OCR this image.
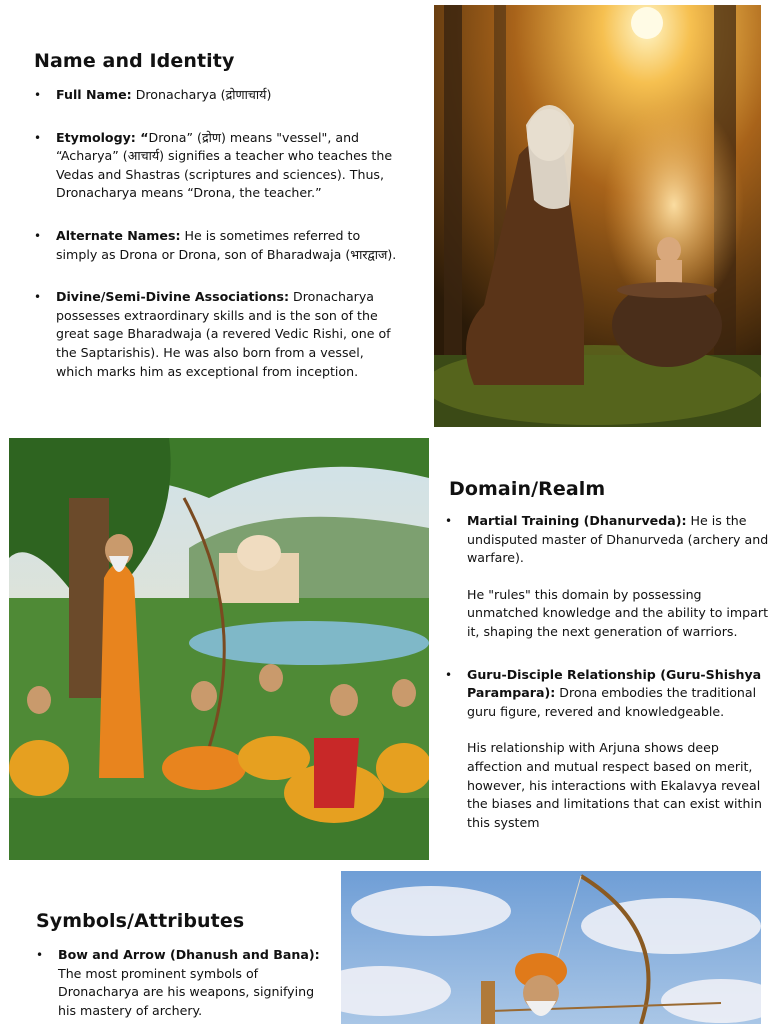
Name and Identity
• Full Name: Dronacharya (द्रोणाचार्य)
• Etymology: “Drona” (द्रोण) means "vessel", and “Acharya” (आचार्य) signifies a teacher who teaches the Vedas and Shastras (scriptures and sciences). Thus, Dronacharya means “Drona, the teacher.”
• Alternate Names: He is sometimes referred to simply as Drona or Drona, son of Bharadwaja (भारद्वाज).
• Divine/Semi-Divine Associations: Dronacharya possesses extraordinary skills and is the son of the great sage Bharadwaja (a revered Vedic Rishi, one of the Saptarishis). He was also born from a vessel, which marks him as exceptional from inception.
Domain/Realm
• Martial Training (Dhanurveda): He is the undisputed master of Dhanurveda (archery and warfare).

He "rules" this domain by possessing unmatched knowledge and the ability to impart it, shaping the next generation of warriors.

• Guru-Disciple Relationship (Guru-Shishya Parampara): Drona embodies the traditional guru figure, revered and knowledgeable.

His relationship with Arjuna shows deep affection and mutual respect based on merit, however, his interactions with Ekalavya reveal the biases and limitations that can exist within this system

Symbols/Attributes
• Bow and Arrow (Dhanush and Bana): The most prominent symbols of Dronacharya are his weapons, signifying his mastery of archery.
